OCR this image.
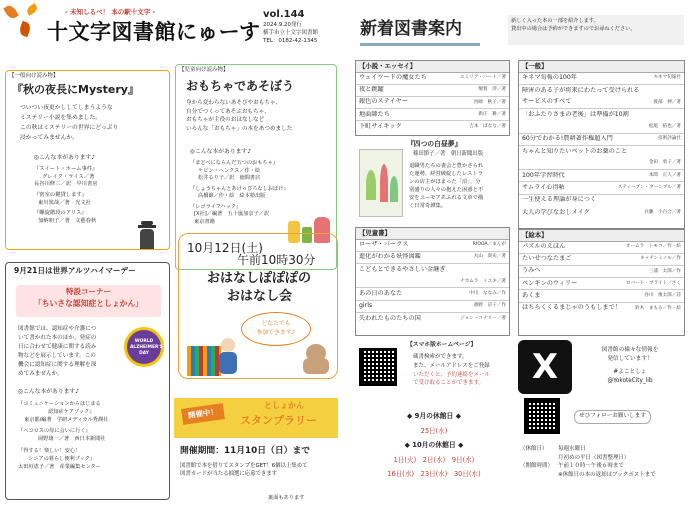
- 未知しるべ！ 本の駅十文字 -
十文字図書館にゅーす
vol.144
2024.9.20発行
横手市立十文字図書館
TEL：0182-42-1345
【一般向け読み物】
『秋の夜長にMystery』
ついつい夜更かししてしまうような
ミステリー小説を集めました。
この秋はミステリーの世界にどっぷり
浸かってみませんか。
◎こんな本があります♪
『スイート・ホーム事件』
グレイク・ライス／著
長谷川修二／訳　早川書房
『密室の鍵貸します』
東川篤哉／著　光文社
『螺旋階段のアリス』
加納朋子／著　文藝春秋
【児童向け読み物】
おもちゃであそぼう
身から変わらないあそびやおもちゃ、
自分でつくってあそぶおもちゃ、
おもちゃが主役のおはなしなど
いろんな「おもちゃ」の本をあつめました
◎こんな本があります♪
『まどべにならんだ五つのおもちゃ』
ケビン・ヘンクス／作・絵
松井るり子／訳　徳間書店
『しょうちゃんとあけっぴろなしおばけ』
高橋節／作・絵　絵本塾出版
『レゴライフハック』
[X社]／編著　五十嵐加奈子／訳
東京書籍
9月21日は世界アルツハイマーデー
特設コーナー
「ちいさな認知症としょかん」
WORLD ALZHEIMER'S DAY
図書館では、認知症や介護につ
いて書かれた本のほか、発症の
日に合わせて健康に関する読み
物などを展示しています。この
機会に認知症に関する理解を深
めてみませんか。
◎こんな本があります♪
『コミュニケーションからはじまる
認知症ケアブック』
東京都/編著　学研メディカル秀潤社
『ペコロスの母に会いに行く』
岡野雄一／著　西日本新聞社
『得する！楽しい！安心！
シニアの暮らし便利ブック』
太田垣恵子／著　産業編集センター
10月12日(土)
午前10時30分
おはなしぽぽぽの
おはなし会
どなたでも
参加できます♪
開催中！
としょかん
スタンプラリー
開催期間：11月10日（日）まで
図書館で本を借りてスタンプをGET！6個以上集めて
図書カードが当たる抽選に応募できます
裏面もあります
新着図書案内	新しく入った本の一部を紹介します。
貸出中の場合は予約ができますのでお尋ねください。
【小説・エッセイ】
ウェイワードの魔女たち	エミリア・ハート／著
夜と跳躍	額賀　澪／著
銀色のステイヤー	河﨑　秋子／著
地面師たち	新庄　耕／著
下町サイキック	吉本　ばなな／著
『四つの白昼夢』
篠田節子／著　朝日新聞出版
退職男たちの妻会と豊かさられ
た運勢、経営破綻したレストラ
ンの店主がほまった「沼」、分
別盛りの人々の抱えた困惑と不
安をユーモアあふれる文章で描
く日常奇譚集。
【児童書】
ローザ・パークス	RIOOA／まんが
進化がわかる妖怪図鑑	丸山　貴史／著
こどもとできるやさしい金継ぎ
ナカムラ　ミユキ／著
あの日のあなた	中川　ななみ／作
girls	濱野　京子／作
失われたものたちの国	ジョン・コナリー／著
【スマホ版ホームページ】
蔵書検索ができます。
また、メールアドレスをご登録
いただくと、予約連絡をメール
で受け取ることができます。
◆ 9月の休館日 ◆
25日(水)
◆ 10月の休館日 ◆
1日(火)　2日(水)　9日(水)
16日(水)　23日(水)　30日(水)
【一般】
キネマ旬報の100年	キネマ旬報社
障害のある子が将来にわたって受けられる
サービスのすべて	渡部　伸／著
「おふたりさまの老後」は準備が10割
松尾　拓也／著
60分でわかる!農耕著作権超入門	技術評論社
ちゃんと知りたいペットのお薬のこと
金田　勇子／著
100年学習時代	本間　正人／著
サムライ心得帖	スティーブン・ターンブル／著
一生使える理論が身につく
大人の学びなおしメイク	兵藤　小百合／著
【絵本】
パズルのえほん	オームラ　トモコ／作・絵
たいせつなたまご	キッチンミノル／作
うみへ	三浦　太郎／作
ペンギンのウィリー	ロバート・ブライト／さく
あくま	谷川　俊太郎／詩
はちらくくるまじゃのうもしまで！	鈴木　まもる／作・絵
X	図書館の様々な情報を
発信しています！
#よことしょ
@YokoteCity_lib
ぜひフォローお願いします
（休館日）	毎週水曜日
月初めの平日（図書整理日）
（開館時間） 午前１０時～午後６時まで
※休館日の本の返却はブックポストまで
